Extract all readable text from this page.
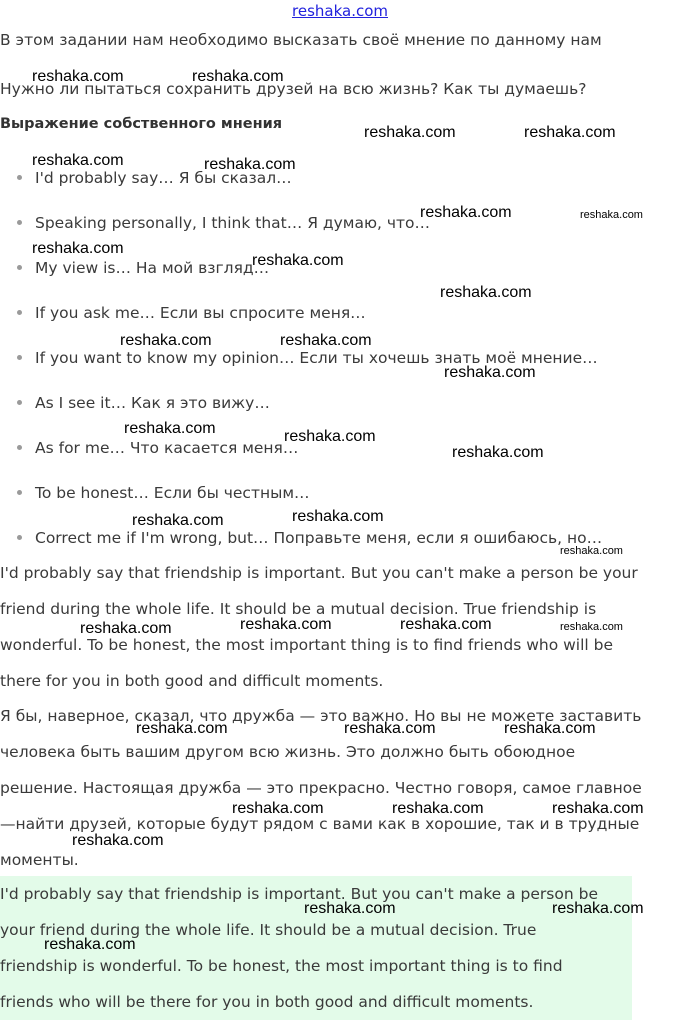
reshaka.com
В этом задании нам необходимо высказать своё мнение по данному нам
Нужно ли пытаться сохранить друзей на всю жизнь? Как ты думаешь?
Выражение собственного мнения
I'd probably say… Я бы сказал…
Speaking personally, I think that… Я думаю, что…
My view is… На мой взгляд…
If you ask me… Если вы спросите меня…
If you want to know my opinion… Если ты хочешь знать моё мнение…
As I see it… Как я это вижу…
As for me… Что касается меня…
To be honest… Если бы честным…
Correct me if I'm wrong, but… Поправьте меня, если я ошибаюсь, но…
I'd probably say that friendship is important. But you can't make a person be your
friend during the whole life. It should be a mutual decision. True friendship is
wonderful. To be honest, the most important thing is to find friends who will be
there for you in both good and difficult moments.
Я бы, наверное, сказал, что дружба — это важно. Но вы не можете заставить
человека быть вашим другом всю жизнь. Это должно быть обоюдное
решение. Настоящая дружба — это прекрасно. Честно говоря, самое главное
—найти друзей, которые будут рядом с вами как в хорошие, так и в трудные
моменты.
I'd probably say that friendship is important. But you can't make a person be
your friend during the whole life. It should be a mutual decision. True
friendship is wonderful. To be honest, the most important thing is to find
friends who will be there for you in both good and difficult moments.
reshaka.com	reshaka.com
reshaka.com	reshaka.com
reshaka.com	reshaka.com
reshaka.com	reshaka.com
reshaka.com
reshaka.com
reshaka.com
reshaka.com	reshaka.com
reshaka.com
reshaka.com	reshaka.com
reshaka.com
reshaka.com	reshaka.com
reshaka.com
reshaka.com	reshaka.com	reshaka.com	reshaka.com
reshaka.com	reshaka.com	reshaka.com
reshaka.com	reshaka.com	reshaka.com
reshaka.com
reshaka.com	reshaka.com
reshaka.com
